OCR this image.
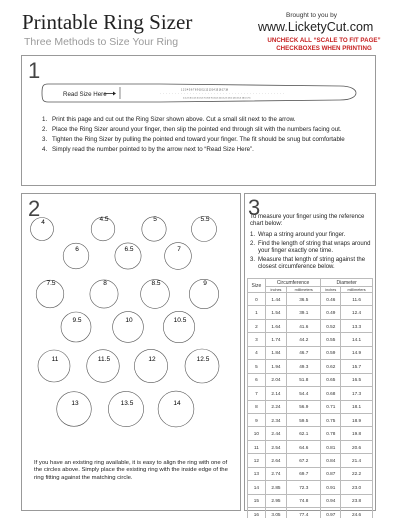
Printable Ring Sizer
Three Methods to Size Your Ring
Brought to you by
www.LicketyCut.com
UNCHECK ALL “SCALE TO FIT PAGE”
CHECKBOXES WHEN PRINTING
1
Read Size Here
1 2 3 4 5 6 7 8 9 10 11 12 13 14 15 16 17 18
1.5 2.5 3.5 4.5 5.5 6.5 7.5 8.5 9.5 10.5 11.5 12.5 13.5 14.5 15.5 16.5 17.5
1. Print this page and cut out the Ring Sizer shown above. Cut a small slit next to the arrow.
2. Place the Ring Sizer around your finger, then slip the pointed end through slit with the numbers facing out.
3. Tighten the Ring Sizer by pulling the pointed end toward your finger. The fit should be snug but comfortable
4. Simply read the number pointed to by the arrow next to “Read Size Here”.
2
4	4.5	5	5.5
6	6.5	7
7.5	8	8.5	9
9.5	10	10.5
11	11.5	12	12.5
13	13.5	14
If you have an existing ring available, it is easy to align the ring with one of the circles above. Simply place the existing ring with the inside edge of the ring fitting against the matching circle.
3
To measure your finger using the reference chart below:
1. Wrap a string around your finger.
2. Find the length of string that wraps around your finger exactly one time.
3. Measure that length of string against the closest circumference below.
Size	Circumference		Diameter	
	inches	millimeters	inches	millimeters
0	1.44	36.5	0.46	11.6
1	1.54	39.1	0.49	12.4
2	1.64	41.6	0.52	13.3
3	1.74	44.2	0.55	14.1
4	1.84	46.7	0.59	14.9
5	1.94	49.3	0.62	15.7
6	2.04	51.8	0.65	16.5
7	2.14	54.4	0.68	17.3
8	2.24	56.9	0.71	18.1
9	2.34	59.5	0.75	18.9
10	2.44	62.1	0.78	19.8
11	2.54	64.6	0.81	20.6
12	2.64	67.2	0.84	21.4
13	2.74	69.7	0.87	22.2
14	2.85	72.3	0.91	23.0
15	2.95	74.8	0.94	23.8
16	3.05	77.4	0.97	24.6
